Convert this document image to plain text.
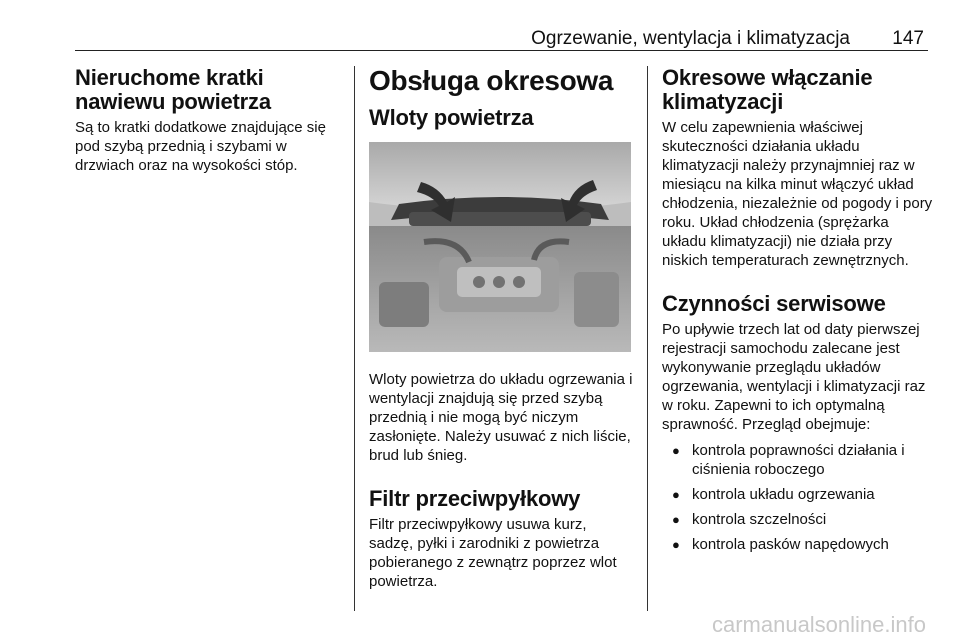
Ogrzewanie, wentylacja i klimatyzacja 147
Nieruchome kratki nawiewu powietrza

Są to kratki dodatkowe znajdujące się pod szybą przednią i szybami w drzwiach oraz na wysokości stóp.

Obsługa okresowa
Wloty powietrza

Wloty powietrza do układu ogrzewania i wentylacji znajdują się przed szybą przednią i nie mogą być niczym zasłonięte. Należy usuwać z nich liście, brud lub śnieg.

Filtr przeciwpyłkowy

Filtr przeciwpyłkowy usuwa kurz, sadzę, pyłki i zarodniki z powietrza pobieranego z zewnątrz poprzez wlot powietrza.

Okresowe włączanie klimatyzacji

W celu zapewnienia właściwej skuteczności działania układu klimatyzacji należy przynajmniej raz w miesiącu na kilka minut włączyć układ chłodzenia, niezależnie od pogody i pory roku. Układ chłodzenia (sprężarka układu klimatyzacji) nie działa przy niskich temperaturach zewnętrznych.

Czynności serwisowe

Po upływie trzech lat od daty pierwszej rejestracji samochodu zalecane jest wykonywanie przeglądu układów ogrzewania, wentylacji i klimatyzacji raz w roku. Zapewni to ich optymalną sprawność. Przegląd obejmuje:

● kontrola poprawności działania i ciśnienia roboczego
● kontrola układu ogrzewania
● kontrola szczelności
● kontrola pasków napędowych
carmanualsonline.info
